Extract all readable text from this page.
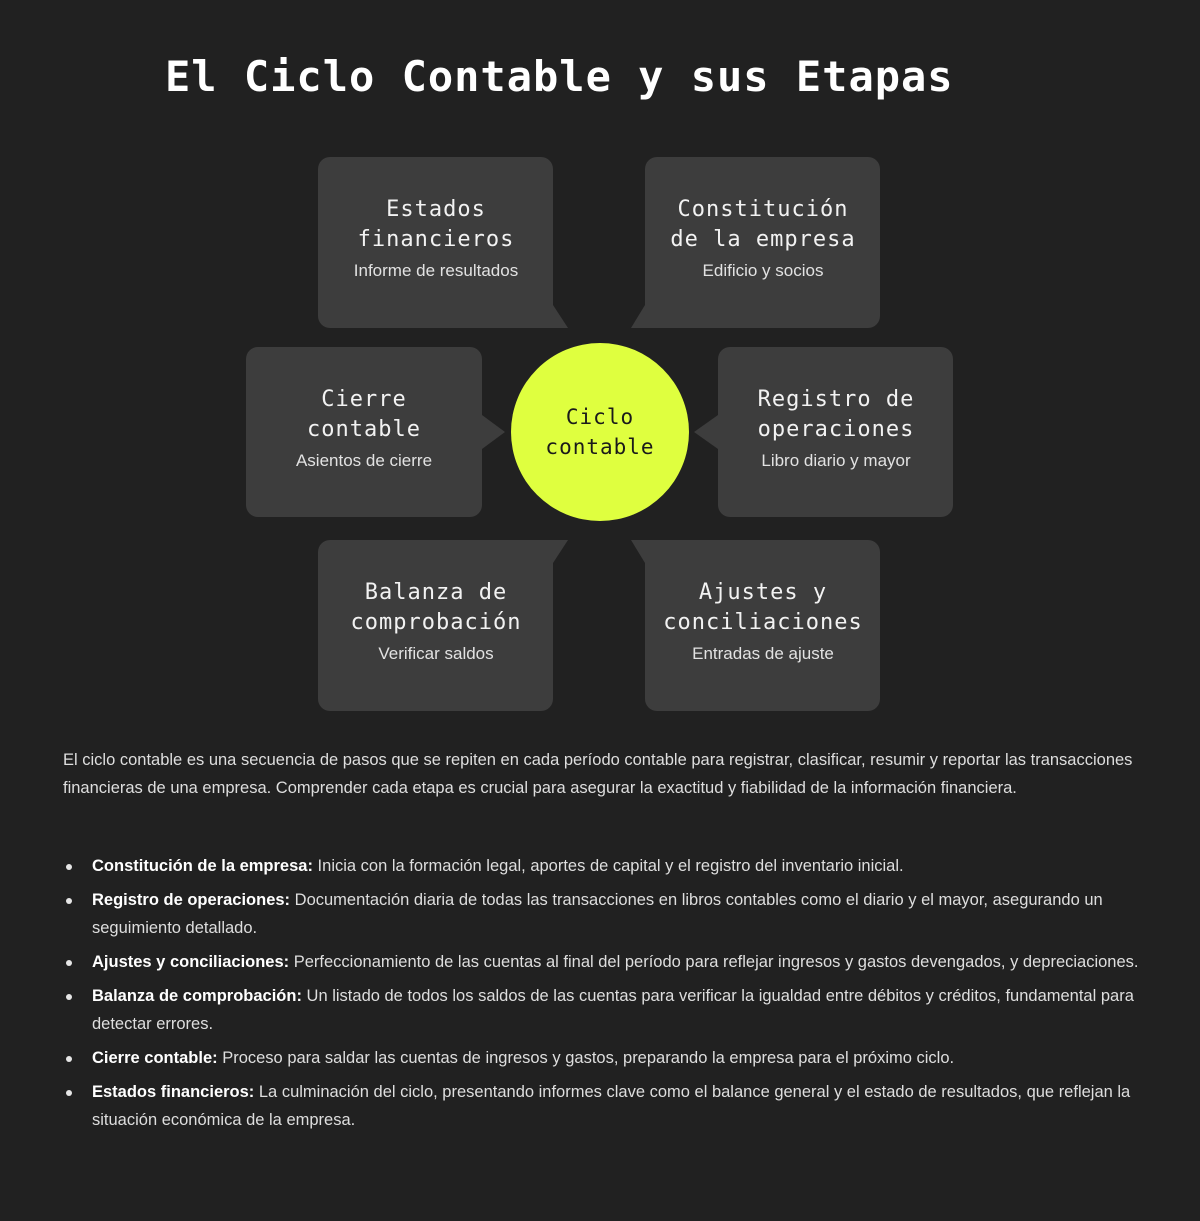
El Ciclo Contable y sus Etapas
Estados
financieros
Informe de resultados
Constitución
de la empresa
Edificio y socios
Cierre
contable
Asientos de cierre
Registro de
operaciones
Libro diario y mayor
Balanza de
comprobación
Verificar saldos
Ajustes y
conciliaciones
Entradas de ajuste
Ciclo
contable

El ciclo contable es una secuencia de pasos que se repiten en cada período contable para registrar, clasificar, resumir y reportar las transacciones financieras de una empresa. Comprender cada etapa es crucial para asegurar la exactitud y fiabilidad de la información financiera.

Constitución de la empresa: Inicia con la formación legal, aportes de capital y el registro del inventario inicial.
Registro de operaciones: Documentación diaria de todas las transacciones en libros contables como el diario y el mayor, asegurando un seguimiento detallado.
Ajustes y conciliaciones: Perfeccionamiento de las cuentas al final del período para reflejar ingresos y gastos devengados, y depreciaciones.
Balanza de comprobación: Un listado de todos los saldos de las cuentas para verificar la igualdad entre débitos y créditos, fundamental para detectar errores.
Cierre contable: Proceso para saldar las cuentas de ingresos y gastos, preparando la empresa para el próximo ciclo.
Estados financieros: La culminación del ciclo, presentando informes clave como el balance general y el estado de resultados, que reflejan la situación económica de la empresa.
